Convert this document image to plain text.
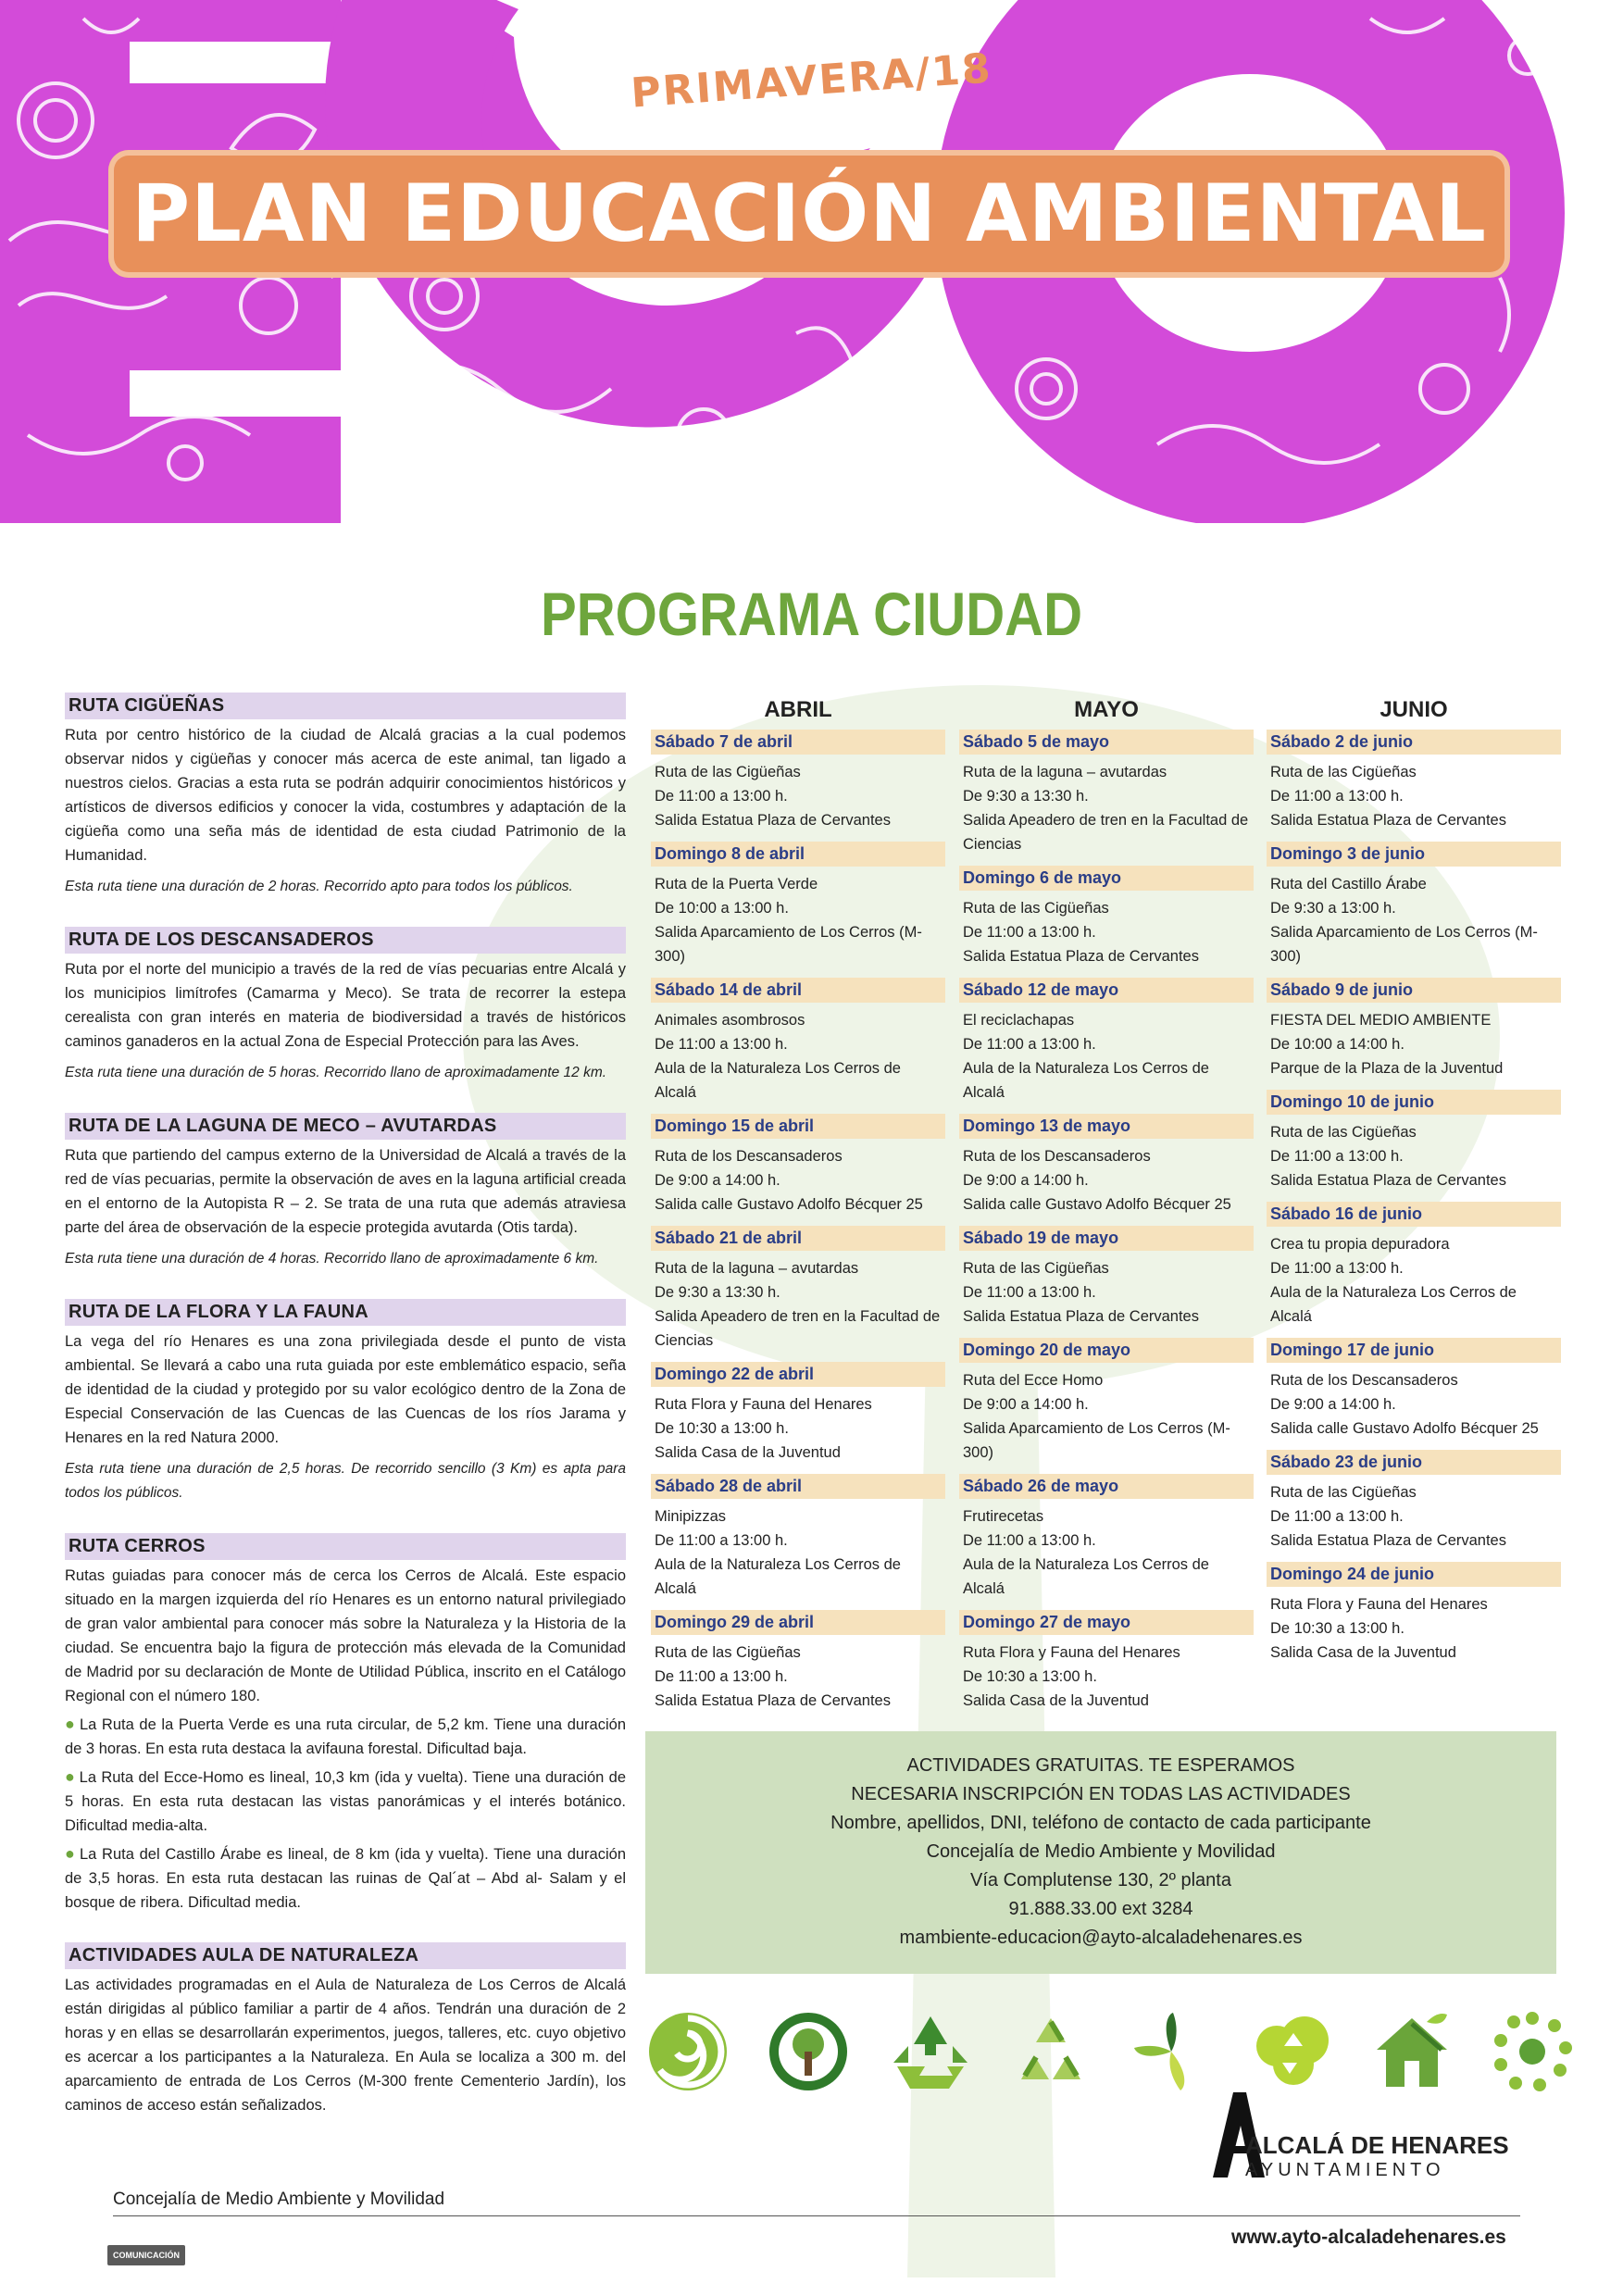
PRIMAVERA/18
PLAN EDUCACIÓN AMBIENTAL
PROGRAMA CIUDAD
RUTA CIGÜEÑAS

Ruta por centro histórico de la ciudad de Alcalá gracias a la cual podemos observar nidos y cigüeñas y conocer más acerca de este animal, tan ligado a nuestros cielos. Gracias a esta ruta se podrán adquirir conocimientos históricos y artísticos de diversos edificios y conocer la vida, costumbres y adaptación de la cigüeña como una seña más de identidad de esta ciudad Patrimonio de la Humanidad.

Esta ruta tiene una duración de 2 horas. Recorrido apto para todos los públicos.

RUTA DE LOS DESCANSADEROS

Ruta por el norte del municipio a través de la red de vías pecuarias entre Alcalá y los municipios limítrofes (Camarma y Meco). Se trata de recorrer la estepa cerealista con gran interés en materia de biodiversidad a través de históricos caminos ganaderos en la actual Zona de Especial Protección para las Aves.

Esta ruta tiene una duración de 5 horas. Recorrido llano de aproximadamente 12 km.

RUTA DE LA LAGUNA DE MECO – AVUTARDAS

Ruta que partiendo del campus externo de la Universidad de Alcalá a través de la red de vías pecuarias, permite la observación de aves en la laguna artificial creada en el entorno de la Autopista R – 2. Se trata de una ruta que además atraviesa parte del área de observación de la especie protegida avutarda (Otis tarda).

Esta ruta tiene una duración de 4 horas. Recorrido llano de aproximadamente 6 km.

RUTA DE LA FLORA Y LA FAUNA

La vega del río Henares es una zona privilegiada desde el punto de vista ambiental. Se llevará a cabo una ruta guiada por este emblemático espacio, seña de identidad de la ciudad y protegido por su valor ecológico dentro de la Zona de Especial Conservación de las Cuencas de las Cuencas de los ríos Jarama y Henares en la red Natura 2000.

Esta ruta tiene una duración de 2,5 horas. De recorrido sencillo (3 Km) es apta para todos los públicos.

RUTA CERROS

Rutas guiadas para conocer más de cerca los Cerros de Alcalá. Este espacio situado en la margen izquierda del río Henares es un entorno natural privilegiado de gran valor ambiental para conocer más sobre la Naturaleza y la Historia de la ciudad. Se encuentra bajo la figura de protección más elevada de la Comunidad de Madrid por su declaración de Monte de Utilidad Pública, inscrito en el Catálogo Regional con el número 180.

● La Ruta de la Puerta Verde es una ruta circular, de 5,2 km. Tiene una duración de 3 horas. En esta ruta destaca la avifauna forestal. Dificultad baja.

● La Ruta del Ecce-Homo es lineal, 10,3 km (ida y vuelta). Tiene una duración de 5 horas. En esta ruta destacan las vistas panorámicas y el interés botánico. Dificultad media-alta.

● La Ruta del Castillo Árabe es lineal, de 8 km (ida y vuelta). Tiene una duración de 3,5 horas. En esta ruta destacan las ruinas de Qal´at – Abd al- Salam y el bosque de ribera. Dificultad media.

ACTIVIDADES AULA DE NATURALEZA

Las actividades programadas en el Aula de Naturaleza de Los Cerros de Alcalá están dirigidas al público familiar a partir de 4 años. Tendrán una duración de 2 horas y en ellas se desarrollarán experimentos, juegos, talleres, etc. cuyo objetivo es acercar a los participantes a la Naturaleza. En Aula se localiza a 300 m. del aparcamiento de entrada de Los Cerros (M-300 frente Cementerio Jardín), los caminos de acceso están señalizados.

ABRIL
Sábado 7 de abril
Ruta de las Cigüeñas
De 11:00 a 13:00 h.
Salida Estatua Plaza de Cervantes
Domingo 8 de abril
Ruta de la Puerta Verde
De 10:00 a 13:00 h.
Salida Aparcamiento de Los Cerros (M-300)
Sábado 14 de abril
Animales asombrosos
De 11:00 a 13:00 h.
Aula de la Naturaleza Los Cerros de Alcalá
Domingo 15 de abril
Ruta de los Descansaderos
De 9:00 a 14:00 h.
Salida calle Gustavo Adolfo Bécquer 25
Sábado 21 de abril
Ruta de la laguna – avutardas
De 9:30 a 13:30 h.
Salida Apeadero de tren en la Facultad de Ciencias
Domingo 22 de abril
Ruta Flora y Fauna del Henares
De 10:30 a 13:00 h.
Salida Casa de la Juventud
Sábado 28 de abril
Minipizzas
De 11:00 a 13:00 h.
Aula de la Naturaleza Los Cerros de Alcalá
Domingo 29 de abril
Ruta de las Cigüeñas
De 11:00 a 13:00 h.
Salida Estatua Plaza de Cervantes
MAYO
Sábado 5 de mayo
Ruta de la laguna – avutardas
De 9:30 a 13:30 h.
Salida Apeadero de tren en la Facultad de Ciencias
Domingo 6 de mayo
Ruta de las Cigüeñas
De 11:00 a 13:00 h.
Salida Estatua Plaza de Cervantes
Sábado 12 de mayo
El reciclachapas
De 11:00 a 13:00 h.
Aula de la Naturaleza Los Cerros de Alcalá
Domingo 13 de mayo
Ruta de los Descansaderos
De 9:00 a 14:00 h.
Salida calle Gustavo Adolfo Bécquer 25
Sábado 19 de mayo
Ruta de las Cigüeñas
De 11:00 a 13:00 h.
Salida Estatua Plaza de Cervantes
Domingo 20 de mayo
Ruta del Ecce Homo
De 9:00 a 14:00 h.
Salida Aparcamiento de Los Cerros (M-300)
Sábado 26 de mayo
Frutirecetas
De 11:00 a 13:00 h.
Aula de la Naturaleza Los Cerros de Alcalá
Domingo 27 de mayo
Ruta Flora y Fauna del Henares
De 10:30 a 13:00 h.
Salida Casa de la Juventud
JUNIO
Sábado 2 de junio
Ruta de las Cigüeñas
De 11:00 a 13:00 h.
Salida Estatua Plaza de Cervantes
Domingo 3 de junio
Ruta del Castillo Árabe
De 9:30 a 13:00 h.
Salida Aparcamiento de Los Cerros (M-300)
Sábado 9 de junio
FIESTA DEL MEDIO AMBIENTE
De 10:00 a 14:00 h.
Parque de la Plaza de la Juventud
Domingo 10 de junio
Ruta de las Cigüeñas
De 11:00 a 13:00 h.
Salida Estatua Plaza de Cervantes
Sábado 16 de junio
Crea tu propia depuradora
De 11:00 a 13:00 h.
Aula de la Naturaleza Los Cerros de Alcalá
Domingo 17 de junio
Ruta de los Descansaderos
De 9:00 a 14:00 h.
Salida calle Gustavo Adolfo Bécquer 25
Sábado 23 de junio
Ruta de las Cigüeñas
De 11:00 a 13:00 h.
Salida Estatua Plaza de Cervantes
Domingo 24 de junio
Ruta Flora y Fauna del Henares
De 10:30 a 13:00 h.
Salida Casa de la Juventud
ACTIVIDADES GRATUITAS. TE ESPERAMOS
NECESARIA INSCRIPCIÓN EN TODAS LAS ACTIVIDADES
Nombre, apellidos, DNI, teléfono de contacto de cada participante
Concejalía de Medio Ambiente y Movilidad
Vía Complutense 130, 2º planta
91.888.33.00 ext 3284
mambiente-educacion@ayto-alcaladehenares.es
Concejalía de Medio Ambiente y Movilidad
COMUNICACIÓN
ALCALÁ DE HENARES
AYUNTAMIENTO
www.ayto-alcaladehenares.es
